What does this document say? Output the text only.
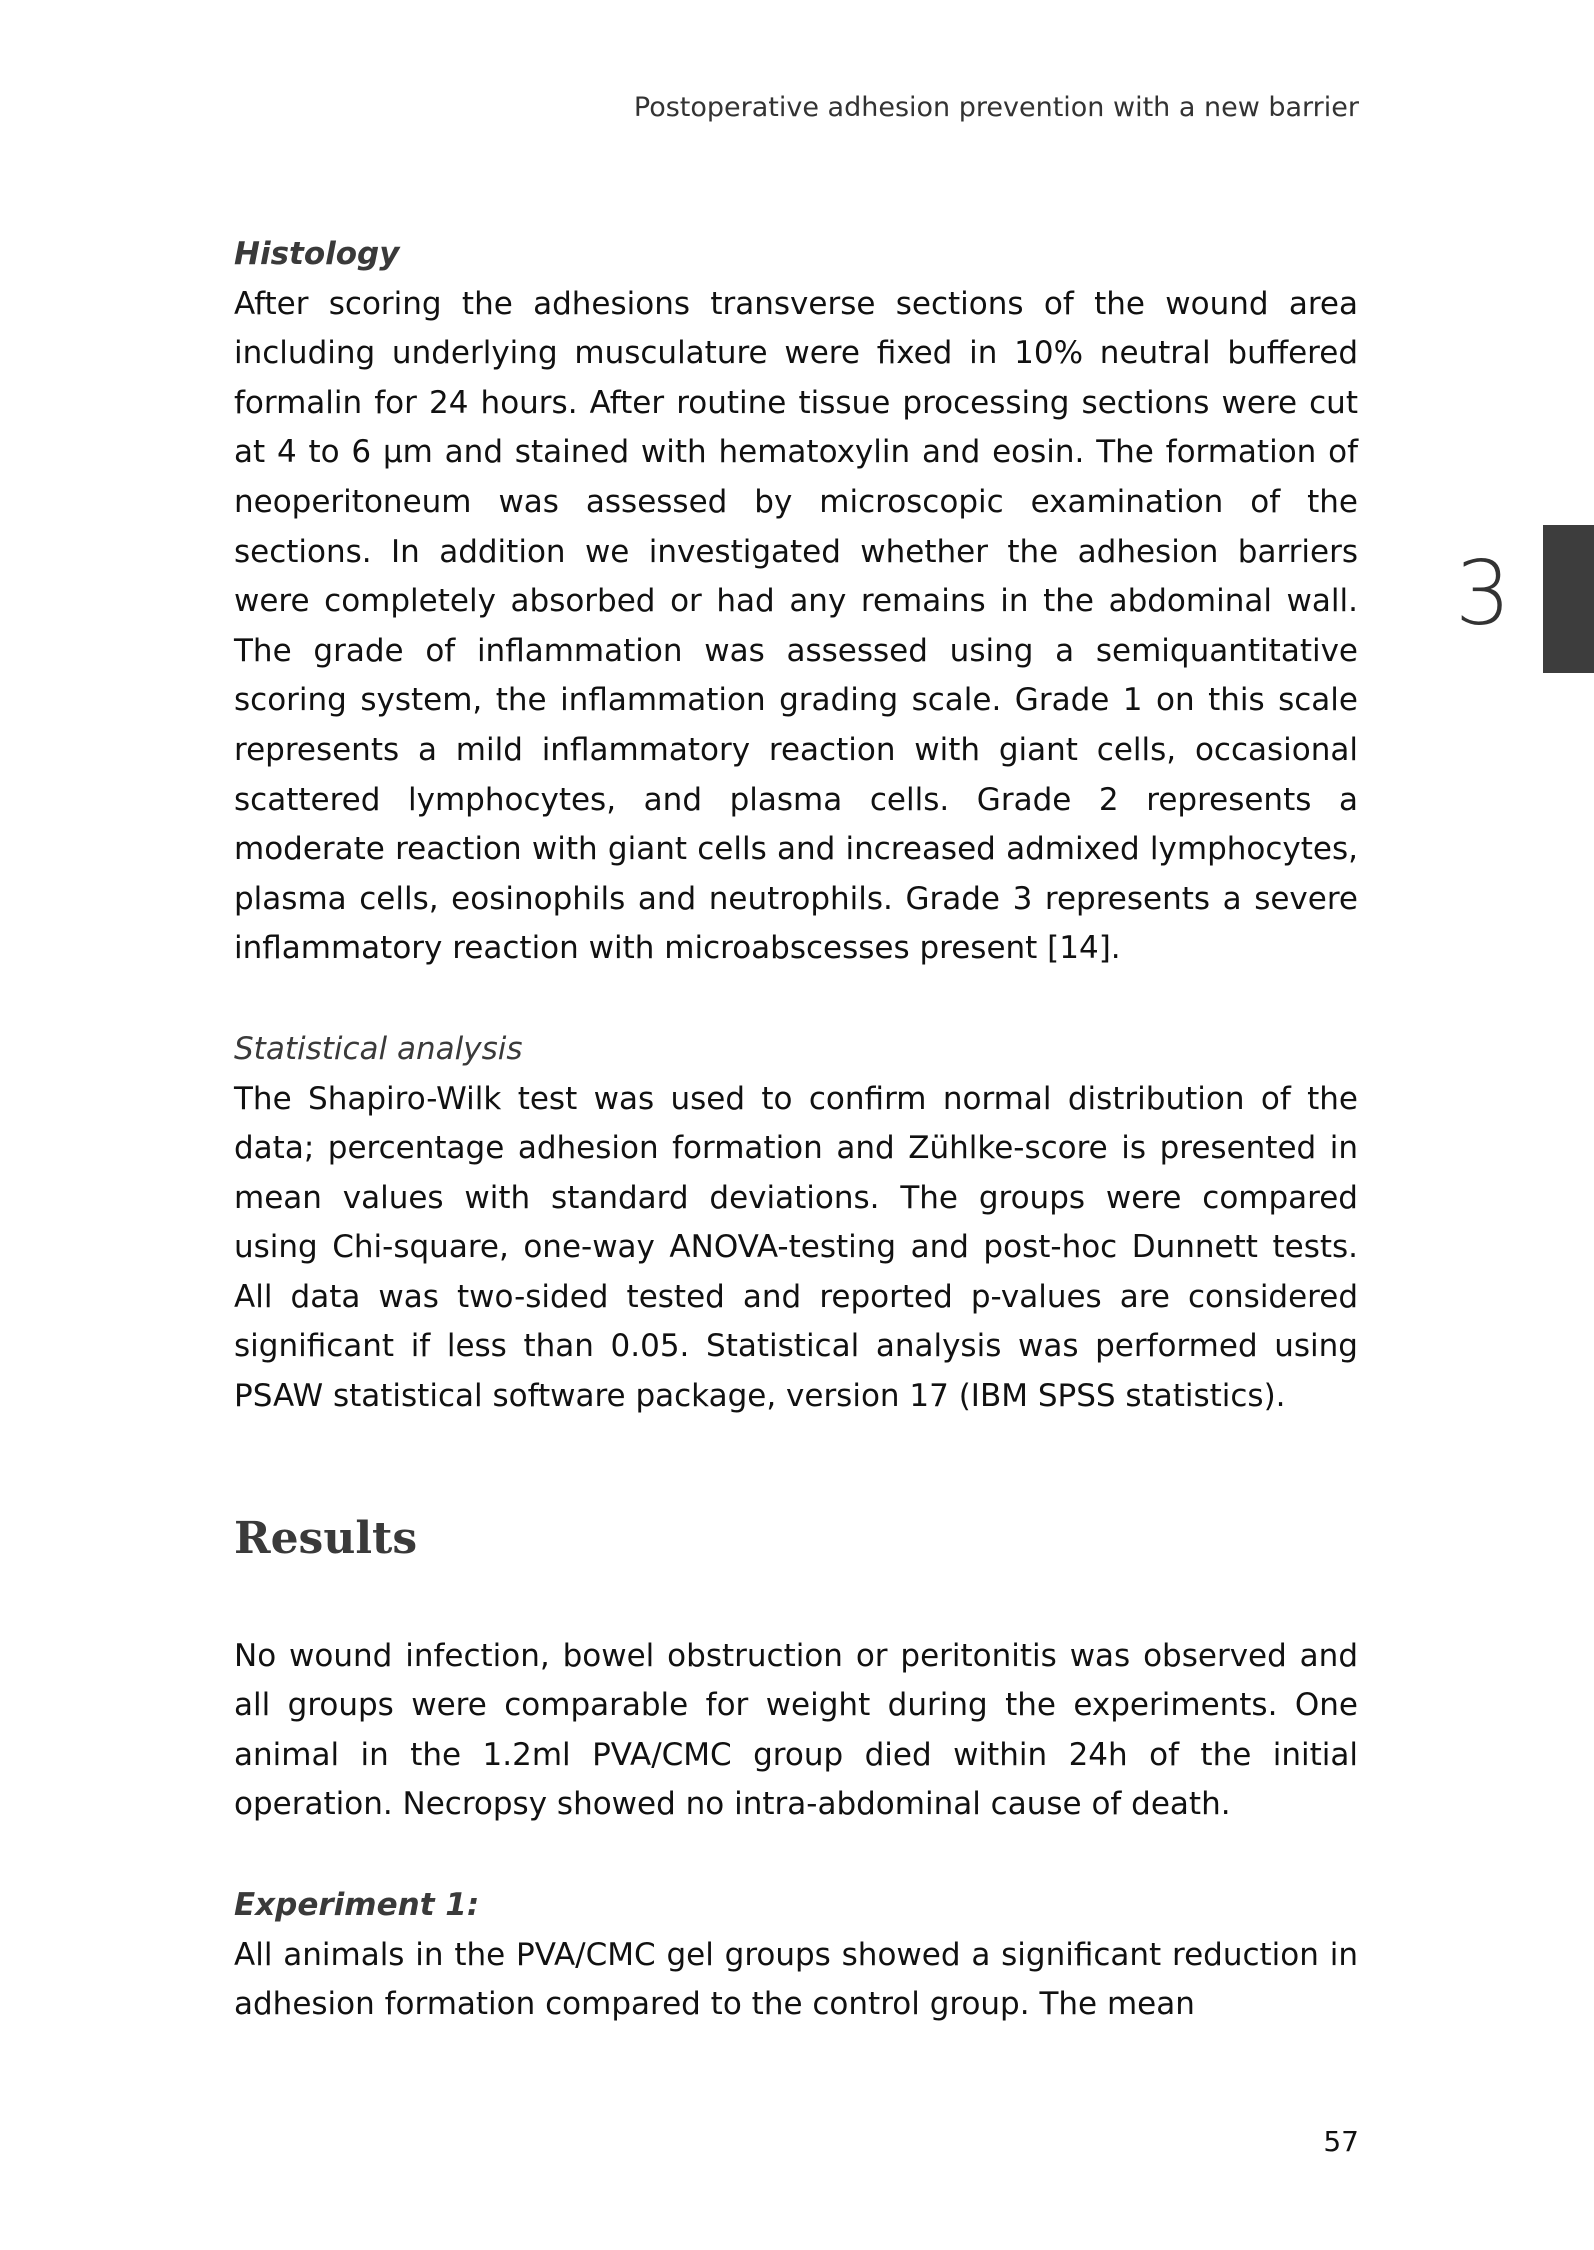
Postoperative adhesion prevention with a new barrier
3

Histology

After scoring the adhesions transverse sections of the wound area including underlying musculature were fixed in 10% neutral buffered formalin for 24 hours. After routine tissue processing sections were cut at 4 to 6 μm and stained with hematoxylin and eosin. The formation of neoperitoneum was assessed by microscopic examination of the sections. In addition we investigated whether the adhesion barriers were completely absorbed or had any remains in the abdominal wall. The grade of inflammation was assessed using a semiquantitative scoring system, the inflammation grading scale. Grade 1 on this scale represents a mild inflammatory reaction with giant cells, occasional scattered lymphocytes, and plasma cells. Grade 2 represents a moderate reaction with giant cells and increased admixed lymphocytes, plasma cells, eosinophils and neutrophils. Grade 3 represents a severe inflammatory reaction with microabscesses present [14].

Statistical analysis

The Shapiro-Wilk test was used to confirm normal distribution of the data; percentage adhesion formation and Zühlke-score is presented in mean values with standard deviations. The groups were compared using Chi-square, one-way ANOVA-testing and post-hoc Dunnett tests. All data was two-sided tested and reported p-values are considered significant if less than 0.05. Statistical analysis was performed using PSAW statistical software package, version 17 (IBM SPSS statistics).

Results

No wound infection, bowel obstruction or peritonitis was observed and all groups were comparable for weight during the experiments. One animal in the 1.2ml PVA/CMC group died within 24h of the initial operation. Necropsy showed no intra-abdominal cause of death.

Experiment 1:

All animals in the PVA/CMC gel groups showed a significant reduction in adhesion formation compared to the control group. The mean

57
